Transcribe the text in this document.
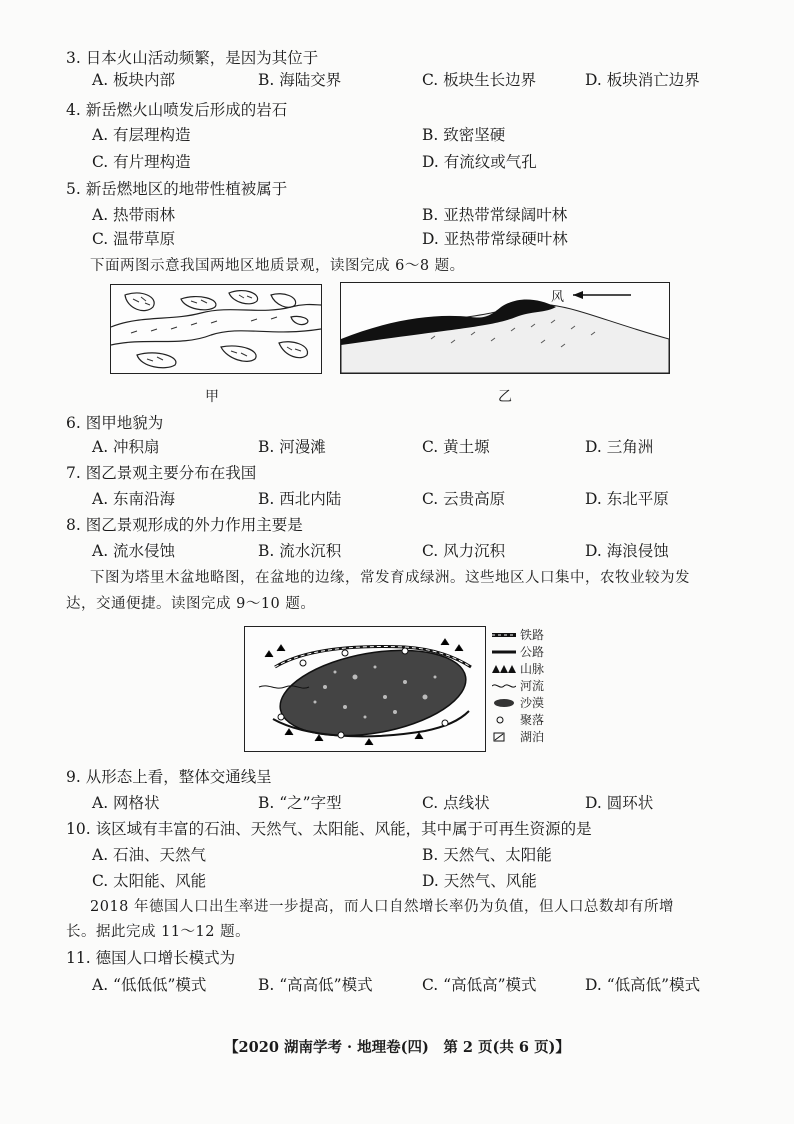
3. 日本火山活动频繁，是因为其位于
A. 板块内部	B. 海陆交界	C. 板块生长边界	D. 板块消亡边界
4. 新岳燃火山喷发后形成的岩石
A. 有层理构造	B. 致密坚硬
C. 有片理构造	D. 有流纹或气孔
5. 新岳燃地区的地带性植被属于
A. 热带雨林	B. 亚热带常绿阔叶林
C. 温带草原	D. 亚热带常绿硬叶林
下面两图示意我国两地区地质景观，读图完成 6～8 题。
甲
风
乙
6. 图甲地貌为
A. 冲积扇	B. 河漫滩	C. 黄土塬	D. 三角洲
7. 图乙景观主要分布在我国
A. 东南沿海	B. 西北内陆	C. 云贵高原	D. 东北平原
8. 图乙景观形成的外力作用主要是
A. 流水侵蚀	B. 流水沉积	C. 风力沉积	D. 海浪侵蚀
下图为塔里木盆地略图，在盆地的边缘，常发育成绿洲。这些地区人口集中，农牧业较为发
达，交通便捷。读图完成 9～10 题。
铁路
公路
山脉
河流
沙漠
聚落
湖泊
9. 从形态上看，整体交通线呈
A. 网格状	B. “之”字型	C. 点线状	D. 圆环状
10. 该区域有丰富的石油、天然气、太阳能、风能，其中属于可再生资源的是
A. 石油、天然气	B. 天然气、太阳能
C. 太阳能、风能	D. 天然气、风能
2018 年德国人口出生率进一步提高，而人口自然增长率仍为负值，但人口总数却有所增
长。据此完成 11～12 题。
11. 德国人口增长模式为
A. “低低低”模式	B. “高高低”模式	C. “高低高”模式	D. “低高低”模式
【2020 湖南学考 · 地理卷(四)　第 2 页(共 6 页)】
